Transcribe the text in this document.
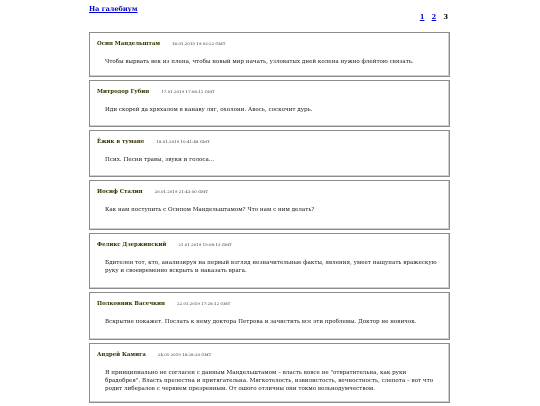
На галебиум
1 2 3
Осип Мандельштам	16.01.2019 19:53:22 GMT
Чтобы вырвать век из плена, чтобы новый мир начать, узловатых дней колена нужно флейтою связать.
Митродор Губин	17.01.2019 17:06:12 GMT
Иди скорей да хряхалом в канаву ляг, охолони. Авось, соскочит дурь.
Ёжик в тумане	18.01.2019 10:41:48 GMT
Псих. Песни травы, звуки и голоса...
Иосиф Сталин	20.01.2019 21:43:50 GMT
Как нам поступить с Осипом Мандельштамом? Что нам с ним делать?
Феликс Дзержинский	21.01.2019 19:08:13 GMT
Бдителен тот, кто, анализируя на первый взгляд незначительные факты, явления, умеет нащупать вражескую руку и своевременно вскрыть и наказать врага.
Полковник Васечкин	22.01.2019 17:28:12 GMT
Вскрытие покажет. Послать к нему доктора Петрова и зачистить все эти проблемы. Доктор не новичок.
Андрей Камига	24.01.2019 18:28:20 GMT
Я принципиально не согласен с данным Мандельштамом – власть вовсе не "отвратительна, как руки брадобрея". Власть прелестна и притягательна. Мягкотелость, извилистость, вечностность, слепота – вот что родит либералов с червием презренным. От ошого отличны они токмо вольнодумчеством.
